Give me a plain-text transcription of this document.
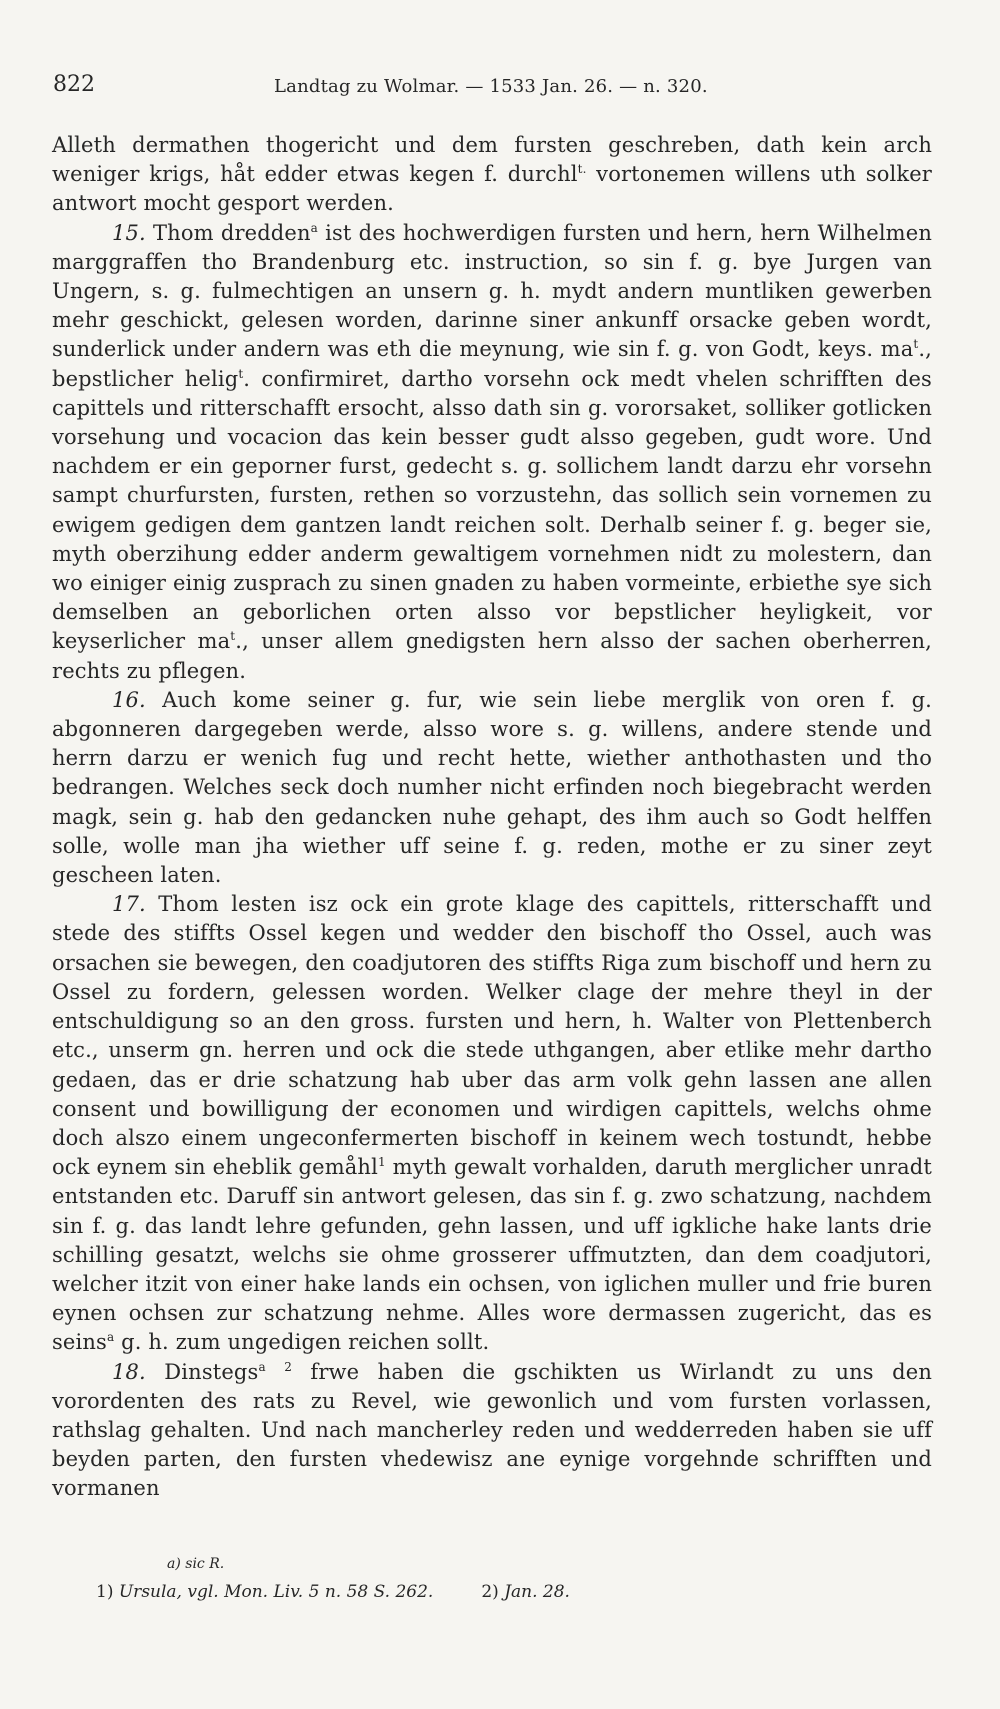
822	Landtag zu Wolmar. — 1533 Jan. 26. — n. 320.

Alleth dermathen thogericht und dem fursten geschreben, dath kein arch weniger krigs, håt edder etwas kegen f. durchl$^{t.}$ vortonemen willens uth solker antwort mocht gesport werden.

15. Thom dredden$^a$ ist des hochwerdigen fursten und hern, hern Wilhelmen marggraffen tho Brandenburg etc. instruction, so sin f. g. bye Jurgen van Ungern, s. g. fulmechtigen an unsern g. h. mydt andern muntliken gewerben mehr geschickt, gelesen worden, darinne siner ankunff orsacke geben wordt, sunderlick under andern was eth die meynung, wie sin f. g. von Godt, keys. $ma^t$., bepstlicher helig$^t$. confirmiret, dartho vorsehn ock medt vhelen schrifften des capittels und ritterschafft ersocht, alsso dath sin g. vororsaket, solliker gotlicken vorsehung und vocacion das kein besser gudt alsso gegeben, gudt wore. Und nachdem er ein geporner furst, gedecht s. g. sollichem landt darzu ehr vorsehn sampt churfursten, fursten, rethen so vorzustehn, das sollich sein vornemen zu ewigem gedigen dem gantzen landt reichen solt. Derhalb seiner f. g. beger sie, myth oberzihung edder anderm gewaltigem vornehmen nidt zu molestern, dan wo einiger einig zusprach zu sinen gnaden zu haben vormeinte, erbiethe sye sich demselben an geborlichen orten alsso vor bepstlicher heyligkeit, vor keyserlicher $ma^t$., unser allem gnedigsten hern alsso der sachen oberherren, rechts zu pflegen.

16. Auch kome seiner g. fur, wie sein liebe merglik von oren f. g. abgonneren dargegeben werde, alsso wore s. g. willens, andere stende und herrn darzu er wenich fug und recht hette, wiether anthothasten und tho bedrangen. Welches seck doch numher nicht erfinden noch biegebracht werden magk, sein g. hab den gedancken nuhe gehapt, des ihm auch so Godt helffen solle, wolle man jha wiether uff seine f. g. reden, mothe er zu siner zeyt gescheen laten.

17. Thom lesten isz ock ein grote klage des capittels, ritterschafft und stede des stiffts Ossel kegen und wedder den bischoff tho Ossel, auch was orsachen sie bewegen, den coadjutoren des stiffts Riga zum bischoff und hern zu Ossel zu fordern, gelessen worden. Welker clage der mehre theyl in der entschuldigung so an den gross. fursten und hern, h. Walter von Plettenberch etc., unserm gn. herren und ock die stede uthgangen, aber etlike mehr dartho gedaen, das er drie schatzung hab uber das arm volk gehn lassen ane allen consent und bowilligung der economen und wirdigen capittels, welchs ohme doch alszo einem ungeconfermerten bischoff in keinem wech tostundt, hebbe ock eynem sin eheblik gemåhl$^1$ myth gewalt vorhalden, daruth merglicher unradt entstanden etc. Daruff sin antwort gelesen, das sin f. g. zwo schatzung, nachdem sin f. g. das landt lehre gefunden, gehn lassen, und uff igkliche hake lants drie schilling gesatzt, welchs sie ohme grosserer uffmutzten, dan dem coadjutori, welcher itzit von einer hake lands ein ochsen, von iglichen muller und frie buren eynen ochsen zur schatzung nehme. Alles wore dermassen zugericht, das es seins$^a$ g. h. zum ungedigen reichen sollt.

18. Dinstegs$^a$ $^2$ frwe haben die gschikten us Wirlandt zu uns den vorordenten des rats zu Revel, wie gewonlich und vom fursten vorlassen, rathslag gehalten. Und nach mancherley reden und wedderreden haben sie uff beyden parten, den fursten vhedewisz ane eynige vorgehnde schrifften und vormanen

a) sic R.
1) Ursula, vgl. Mon. Liv. 5 n. 58 S. 262.	2) Jan. 28.
